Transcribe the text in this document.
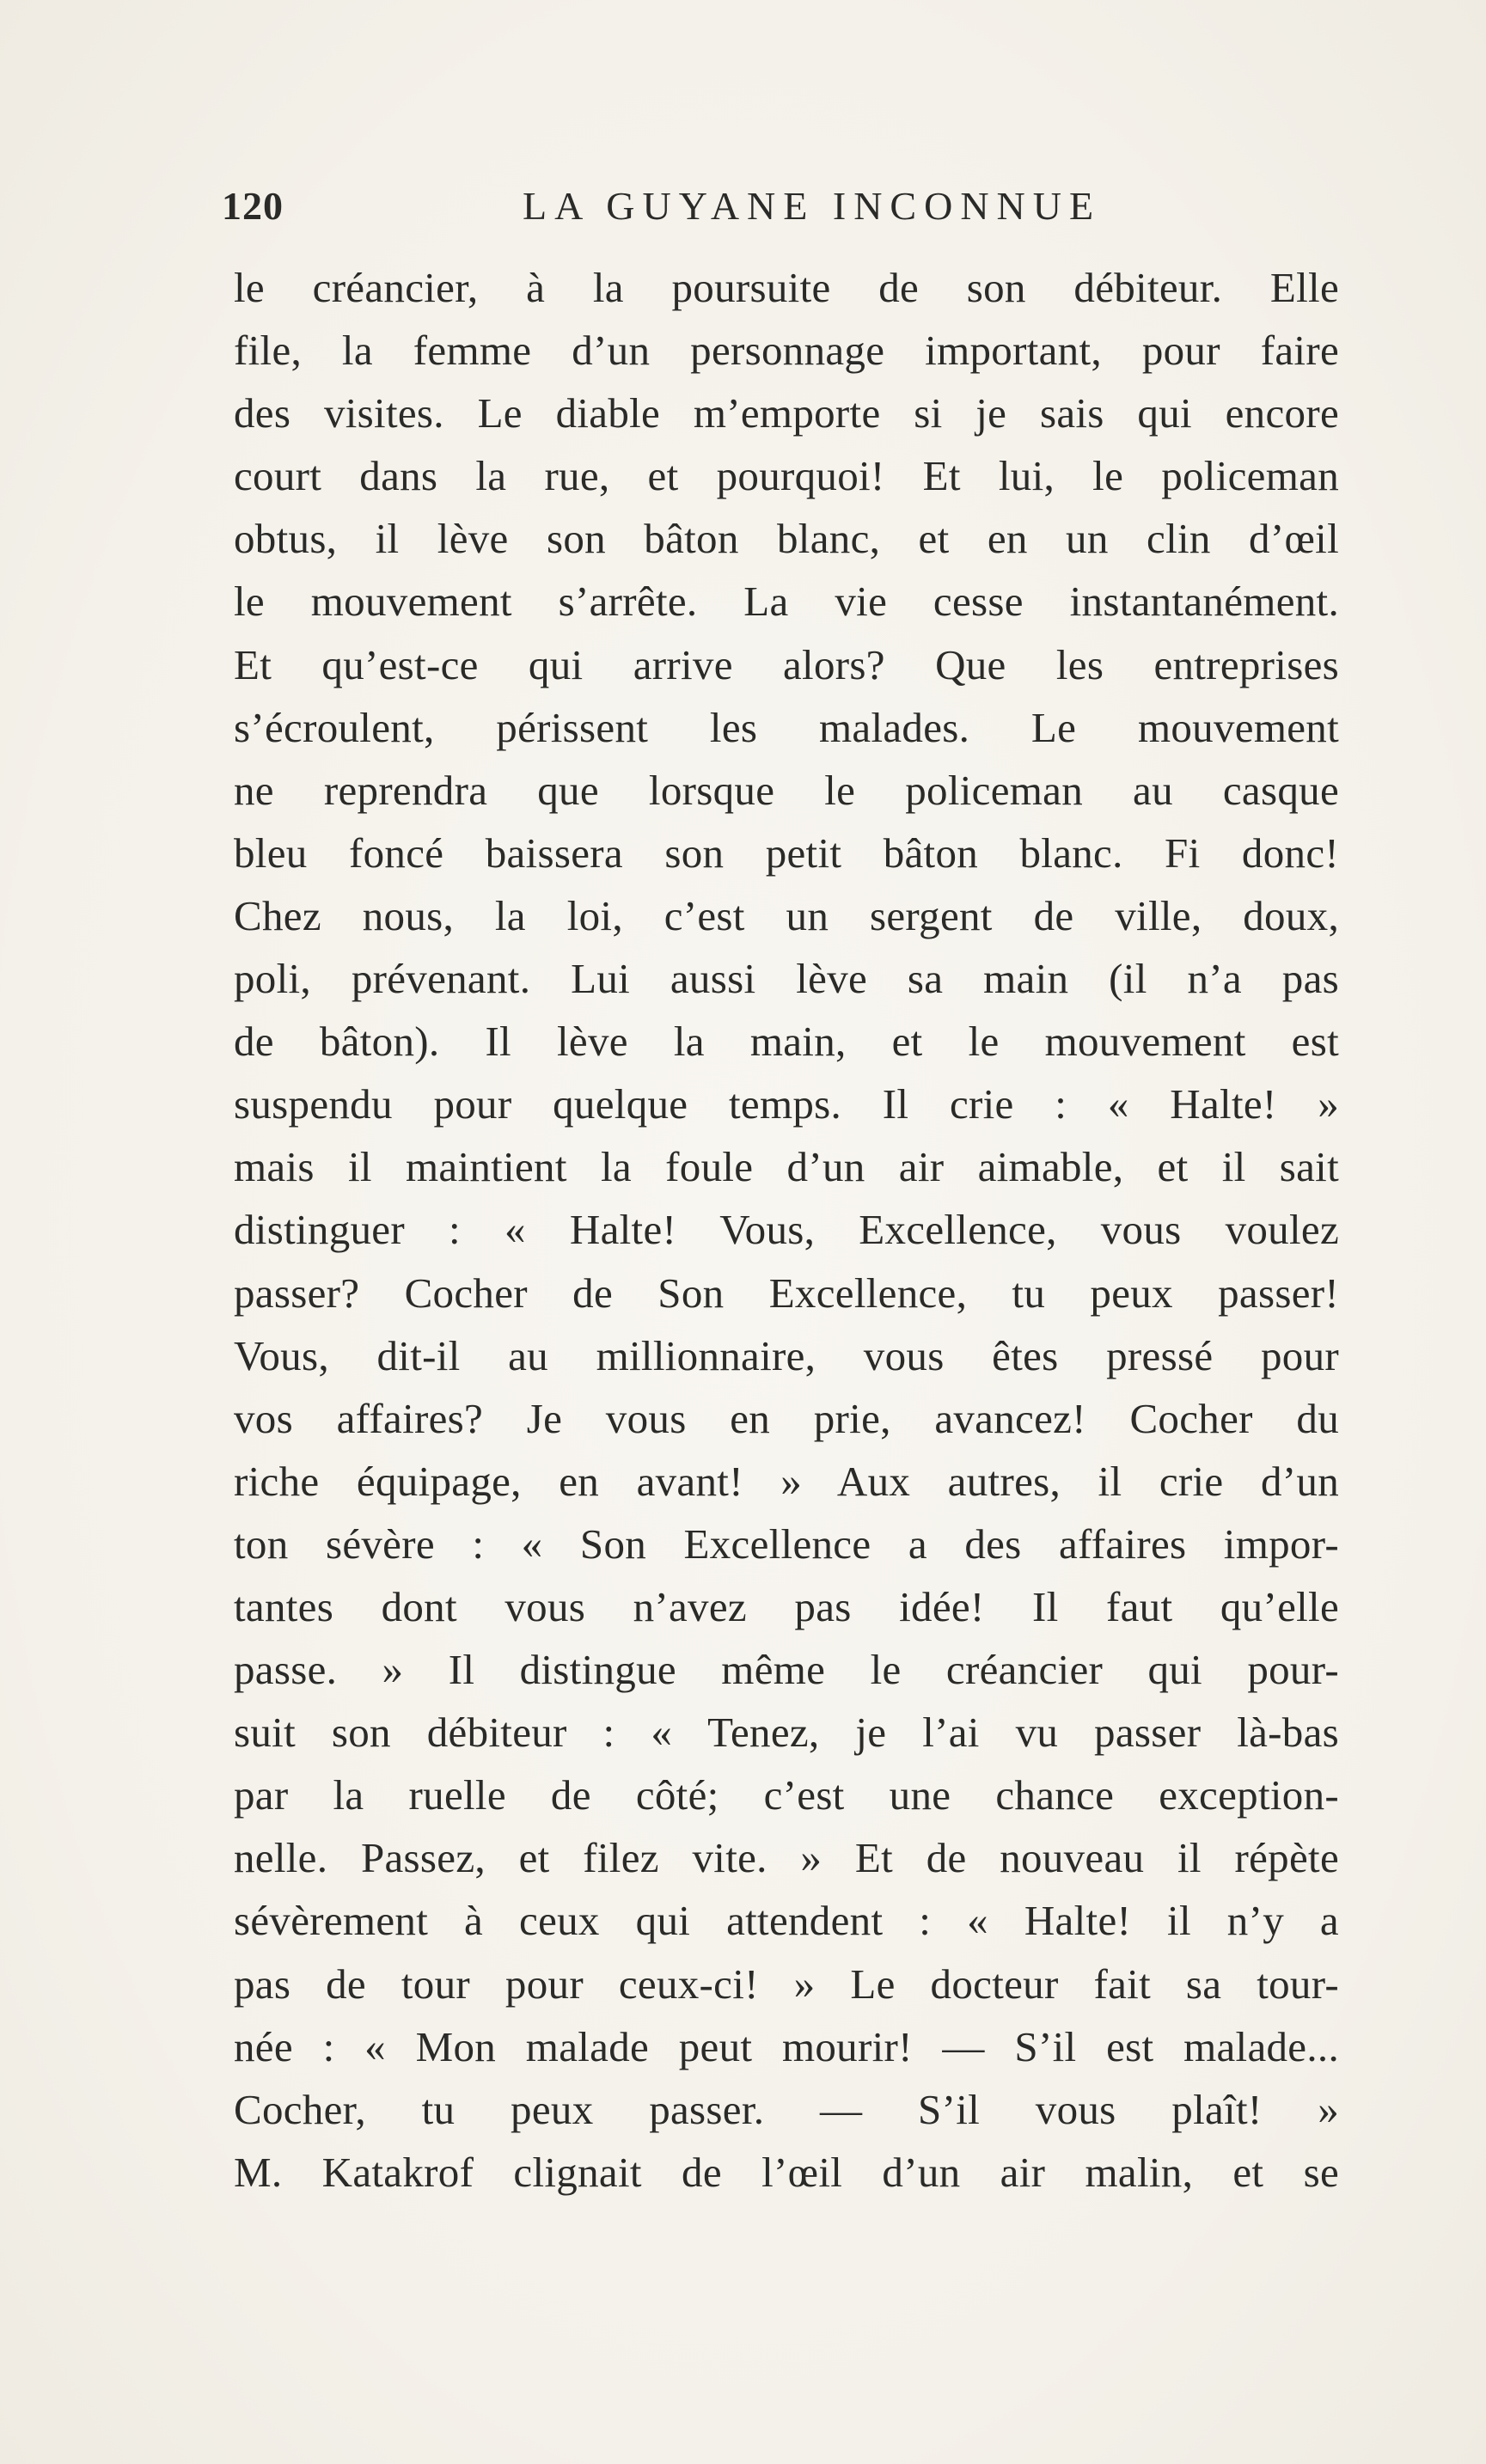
120	LA GUYANE INCONNUE
le créancier, à la poursuite de son débiteur. Elle
file, la femme d’un personnage important, pour faire
des visites. Le diable m’emporte si je sais qui encore
court dans la rue, et pourquoi! Et lui, le policeman
obtus, il lève son bâton blanc, et en un clin d’œil
le mouvement s’arrête. La vie cesse instantanément.
Et qu’est-ce qui arrive alors? Que les entreprises
s’écroulent, périssent les malades. Le mouvement
ne reprendra que lorsque le policeman au casque
bleu foncé baissera son petit bâton blanc. Fi donc!
Chez nous, la loi, c’est un sergent de ville, doux,
poli, prévenant. Lui aussi lève sa main (il n’a pas
de bâton). Il lève la main, et le mouvement est
suspendu pour quelque temps. Il crie : « Halte! »
mais il maintient la foule d’un air aimable, et il sait
distinguer : « Halte! Vous, Excellence, vous voulez
passer? Cocher de Son Excellence, tu peux passer!
Vous, dit-il au millionnaire, vous êtes pressé pour
vos affaires? Je vous en prie, avancez! Cocher du
riche équipage, en avant! » Aux autres, il crie d’un
ton sévère : « Son Excellence a des affaires impor-
tantes dont vous n’avez pas idée! Il faut qu’elle
passe. » Il distingue même le créancier qui pour-
suit son débiteur : « Tenez, je l’ai vu passer là-bas
par la ruelle de côté; c’est une chance exception-
nelle. Passez, et filez vite. » Et de nouveau il répète
sévèrement à ceux qui attendent : « Halte! il n’y a
pas de tour pour ceux-ci! » Le docteur fait sa tour-
née : « Mon malade peut mourir! — S’il est malade...
Cocher, tu peux passer. — S’il vous plaît! »
M. Katakrof clignait de l’œil d’un air malin, et se
